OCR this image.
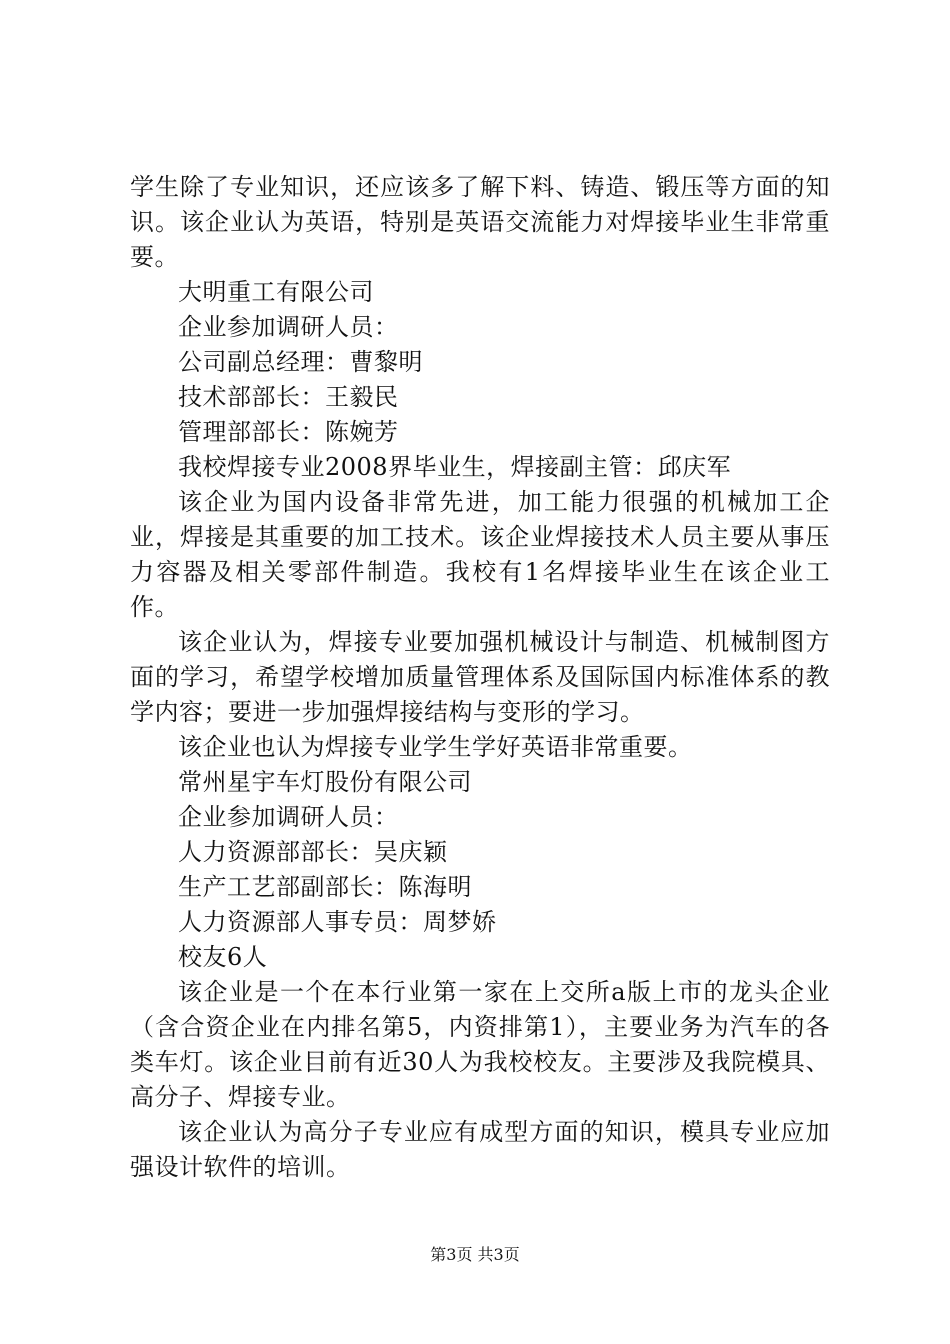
学生除了专业知识，还应该多了解下料、铸造、锻压等方面的知识。该企业认为英语，特别是英语交流能力对焊接毕业生非常重要。

大明重工有限公司

企业参加调研人员：

公司副总经理：曹黎明

技术部部长：王毅民

管理部部长：陈婉芳

我校焊接专业2008界毕业生，焊接副主管：邱庆军

该企业为国内设备非常先进，加工能力很强的机械加工企业，焊接是其重要的加工技术。该企业焊接技术人员主要从事压力容器及相关零部件制造。我校有1名焊接毕业生在该企业工作。

该企业认为，焊接专业要加强机械设计与制造、机械制图方面的学习，希望学校增加质量管理体系及国际国内标准体系的教学内容；要进一步加强焊接结构与变形的学习。

该企业也认为焊接专业学生学好英语非常重要。

常州星宇车灯股份有限公司

企业参加调研人员：

人力资源部部长：吴庆颖

生产工艺部副部长：陈海明

人力资源部人事专员：周梦娇

校友6人

该企业是一个在本行业第一家在上交所a版上市的龙头企业（含合资企业在内排名第5，内资排第1），主要业务为汽车的各类车灯。该企业目前有近30人为我校校友。主要涉及我院模具、高分子、焊接专业。

该企业认为高分子专业应有成型方面的知识，模具专业应加强设计软件的培训。

第3页 共3页
